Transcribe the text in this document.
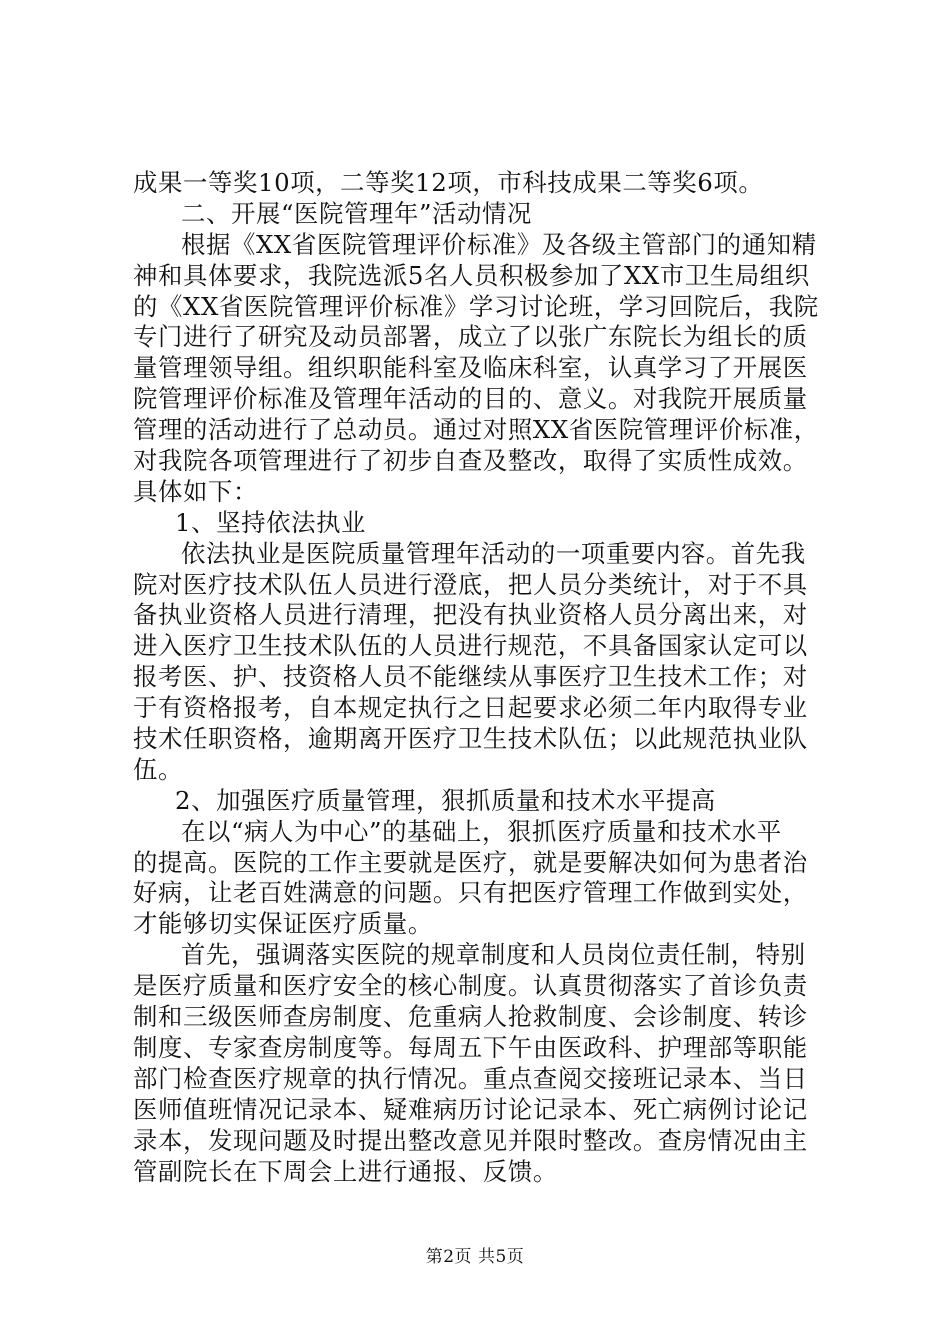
成果一等奖10项，二等奖12项，市科技成果二等奖6项。
二、开展“医院管理年”活动情况
根据《XX省医院管理评价标准》及各级主管部门的通知精
神和具体要求，我院选派5名人员积极参加了XX市卫生局组织
的《XX省医院管理评价标准》学习讨论班，学习回院后，我院
专门进行了研究及动员部署，成立了以张广东院长为组长的质
量管理领导组。组织职能科室及临床科室，认真学习了开展医
院管理评价标准及管理年活动的目的、意义。对我院开展质量
管理的活动进行了总动员。通过对照XX省医院管理评价标准，
对我院各项管理进行了初步自查及整改，取得了实质性成效。
具体如下：
1、坚持依法执业
依法执业是医院质量管理年活动的一项重要内容。首先我
院对医疗技术队伍人员进行澄底，把人员分类统计，对于不具
备执业资格人员进行清理，把没有执业资格人员分离出来，对
进入医疗卫生技术队伍的人员进行规范，不具备国家认定可以
报考医、护、技资格人员不能继续从事医疗卫生技术工作；对
于有资格报考，自本规定执行之日起要求必须二年内取得专业
技术任职资格，逾期离开医疗卫生技术队伍；以此规范执业队
伍。
2、加强医疗质量管理，狠抓质量和技术水平提高
在以“病人为中心”的基础上，狠抓医疗质量和技术水平
的提高。医院的工作主要就是医疗，就是要解决如何为患者治
好病，让老百姓满意的问题。只有把医疗管理工作做到实处，
才能够切实保证医疗质量。
首先，强调落实医院的规章制度和人员岗位责任制，特别
是医疗质量和医疗安全的核心制度。认真贯彻落实了首诊负责
制和三级医师查房制度、危重病人抢救制度、会诊制度、转诊
制度、专家查房制度等。每周五下午由医政科、护理部等职能
部门检查医疗规章的执行情况。重点查阅交接班记录本、当日
医师值班情况记录本、疑难病历讨论记录本、死亡病例讨论记
录本，发现问题及时提出整改意见并限时整改。查房情况由主
管副院长在下周会上进行通报、反馈。
第2页 共5页
